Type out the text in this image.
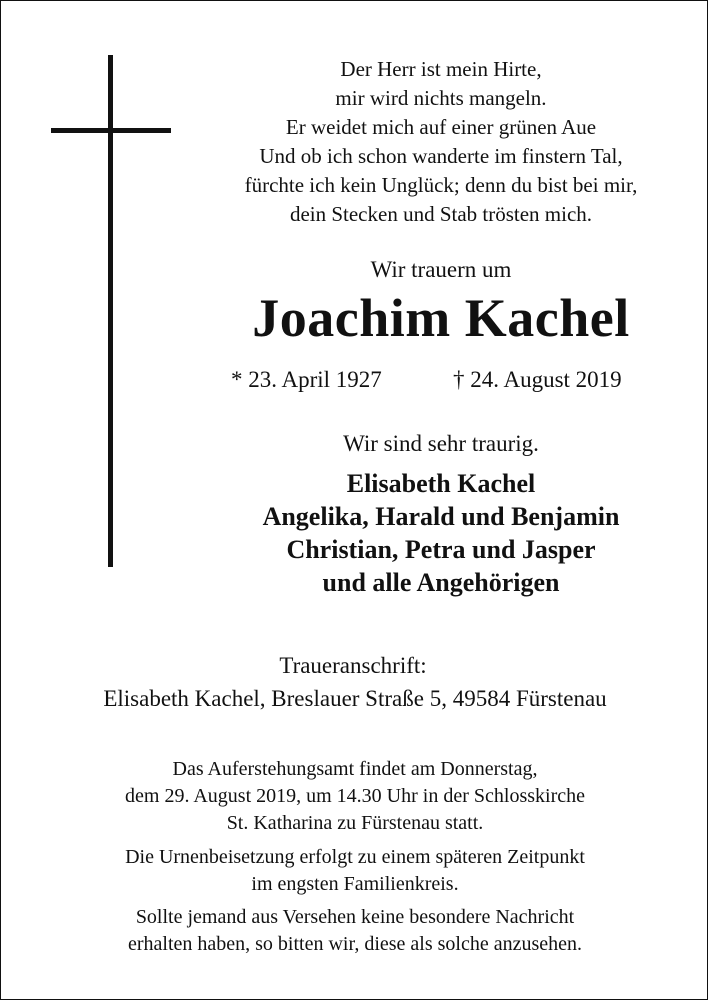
Der Herr ist mein Hirte,
mir wird nichts mangeln.
Er weidet mich auf einer grünen Aue
Und ob ich schon wanderte im finstern Tal,
fürchte ich kein Unglück; denn du bist bei mir,
dein Stecken und Stab trösten mich.
Wir trauern um
Joachim Kachel
* 23. April 1927	† 24. August 2019
Wir sind sehr traurig.
Elisabeth Kachel
Angelika, Harald und Benjamin
Christian, Petra und Jasper
und alle Angehörigen
Traueranschrift:
Elisabeth Kachel, Breslauer Straße 5, 49584 Fürstenau
Das Auferstehungsamt findet am Donnerstag,
dem 29. August 2019, um 14.30 Uhr in der Schlosskirche
St. Katharina zu Fürstenau statt.
Die Urnenbeisetzung erfolgt zu einem späteren Zeitpunkt
im engsten Familienkreis.
Sollte jemand aus Versehen keine besondere Nachricht
erhalten haben, so bitten wir, diese als solche anzusehen.
